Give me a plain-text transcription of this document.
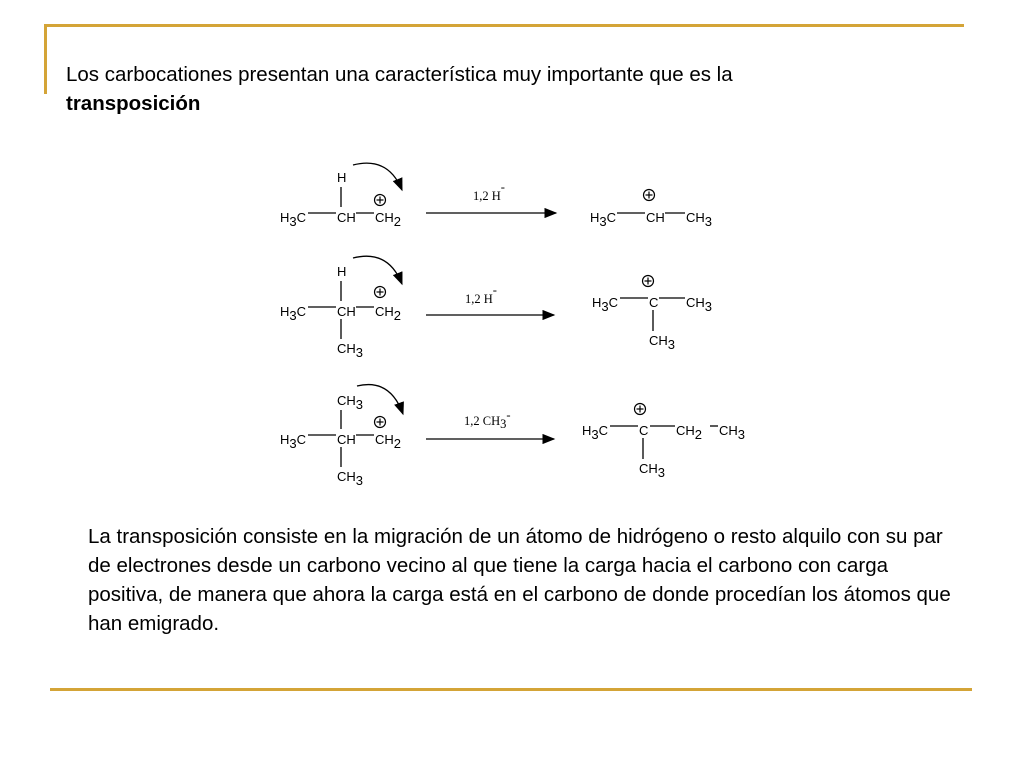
Los carbocationes presentan una característica muy importante que es la
transposición
H3C CH CH2
H
1,2 H-
H3C CH CH3
H3C CH CH2
H
CH3
1,2 H-
H3C C CH3
CH3
H3C CH CH2
CH3
CH3
1,2 CH3-
H3C C CH2 CH3
CH3
La transposición consiste en la migración de un átomo de hidrógeno o resto alquilo con su par de electrones desde un carbono vecino al que tiene la carga hacia el carbono con carga positiva, de manera que ahora la carga está en el carbono de donde procedían los átomos que han emigrado.
